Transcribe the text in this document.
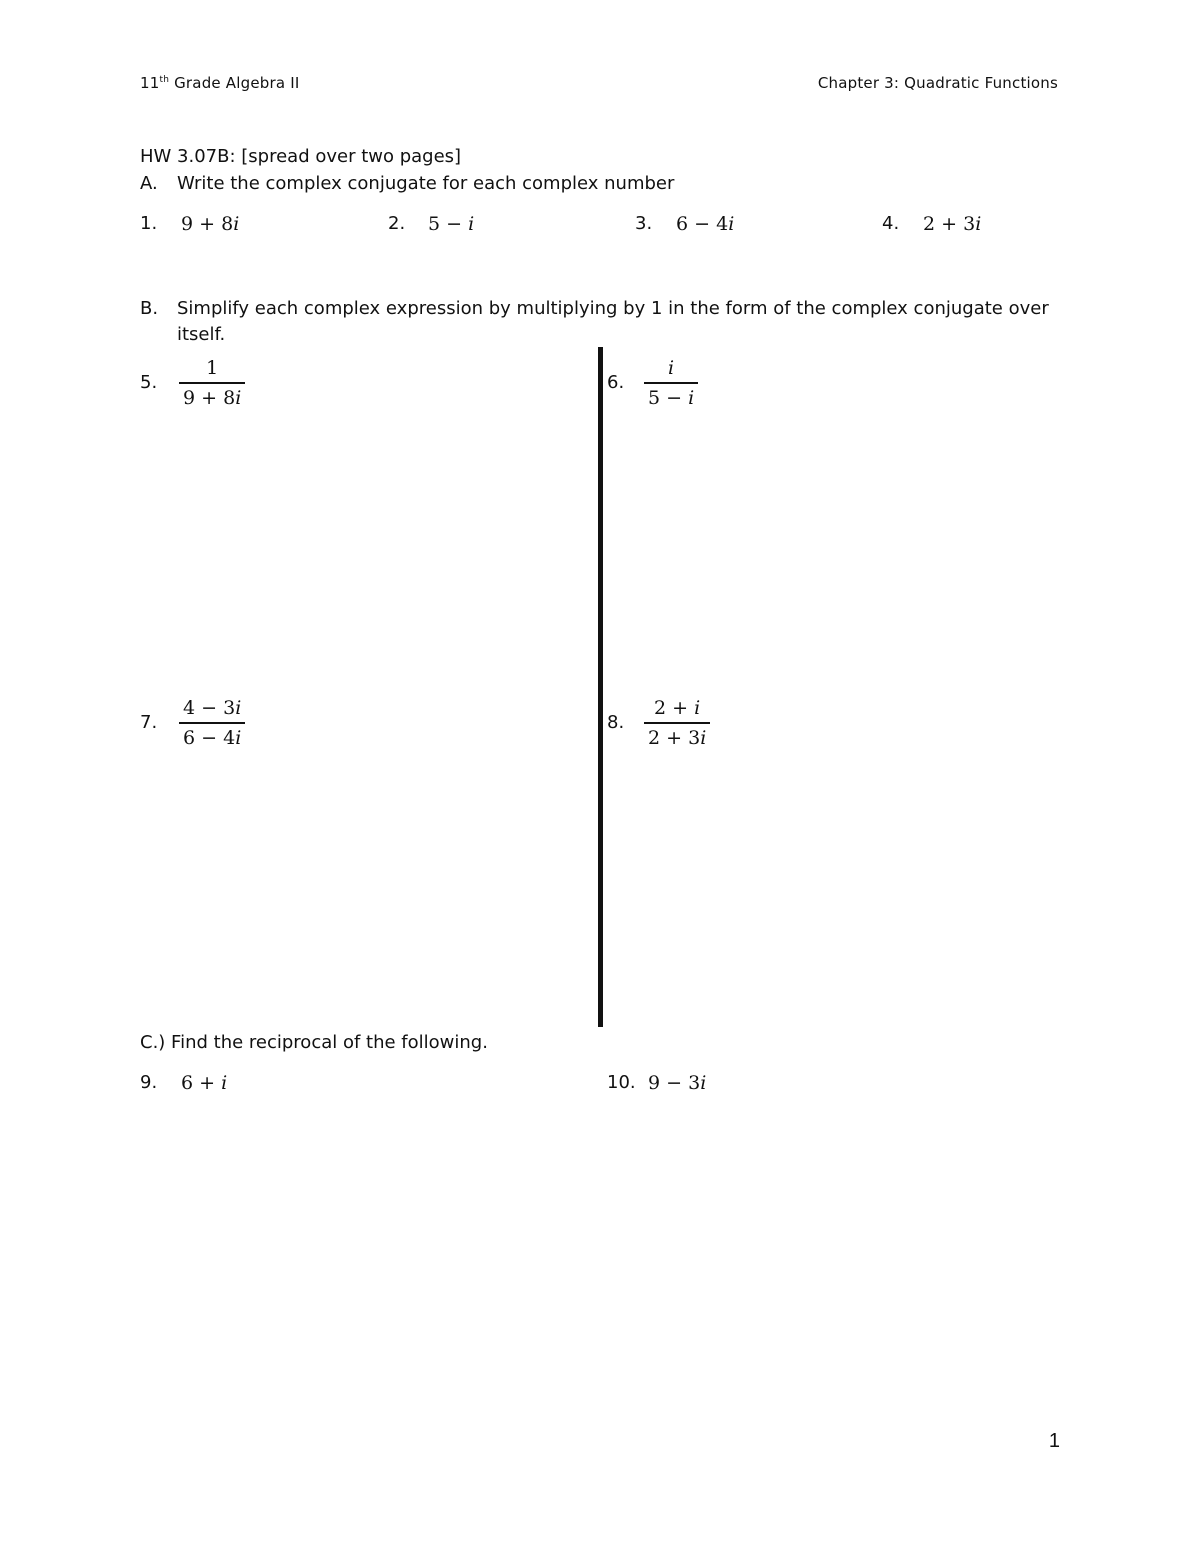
11th Grade Algebra II	Chapter 3: Quadratic Functions
HW 3.07B: [spread over two pages]
A. Write the complex conjugate for each complex number
1. 9 + 8i	2. 5 − i	3. 6 − 4i	4. 2 + 3i
B. Simplify each complex expression by multiplying by 1 in the form of the complex conjugate over
itself.
5.
1
9 + 8i
6.
i
5 − i
7.
4 − 3i
6 − 4i
8.
2 + i
2 + 3i
C.) Find the reciprocal of the following.
9. 6 + i	10. 9 − 3i
1
